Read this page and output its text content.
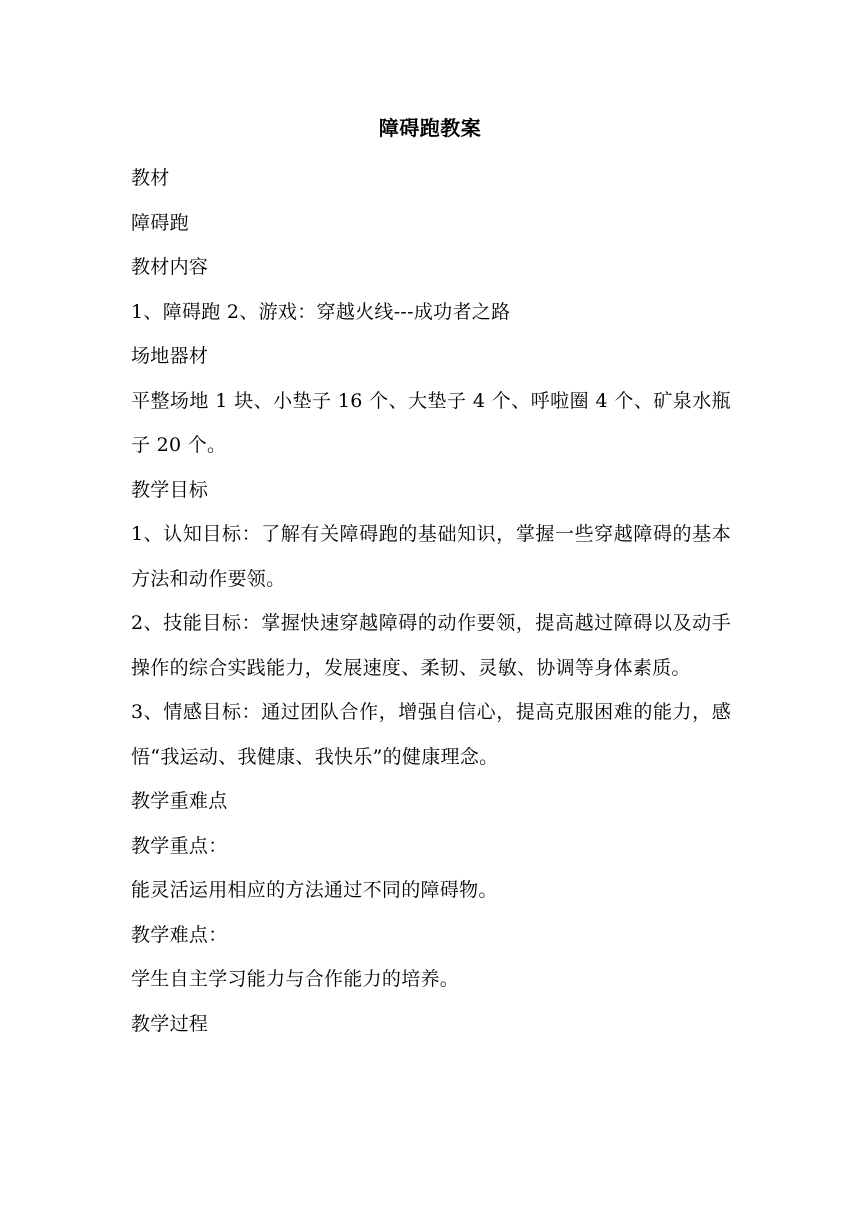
障碍跑教案

教材

障碍跑

教材内容

1、障碍跑 2、游戏：穿越火线---成功者之路

场地器材

平整场地 1 块、小垫子 16 个、大垫子 4 个、呼啦圈 4 个、矿泉水瓶子 20 个。

教学目标

1、认知目标：了解有关障碍跑的基础知识，掌握一些穿越障碍的基本方法和动作要领。

2、技能目标：掌握快速穿越障碍的动作要领，提高越过障碍以及动手操作的综合实践能力，发展速度、柔韧、灵敏、协调等身体素质。

3、情感目标：通过团队合作，增强自信心，提高克服困难的能力，感悟“我运动、我健康、我快乐”的健康理念。

教学重难点

教学重点：

能灵活运用相应的方法通过不同的障碍物。

教学难点：

学生自主学习能力与合作能力的培养。

教学过程
